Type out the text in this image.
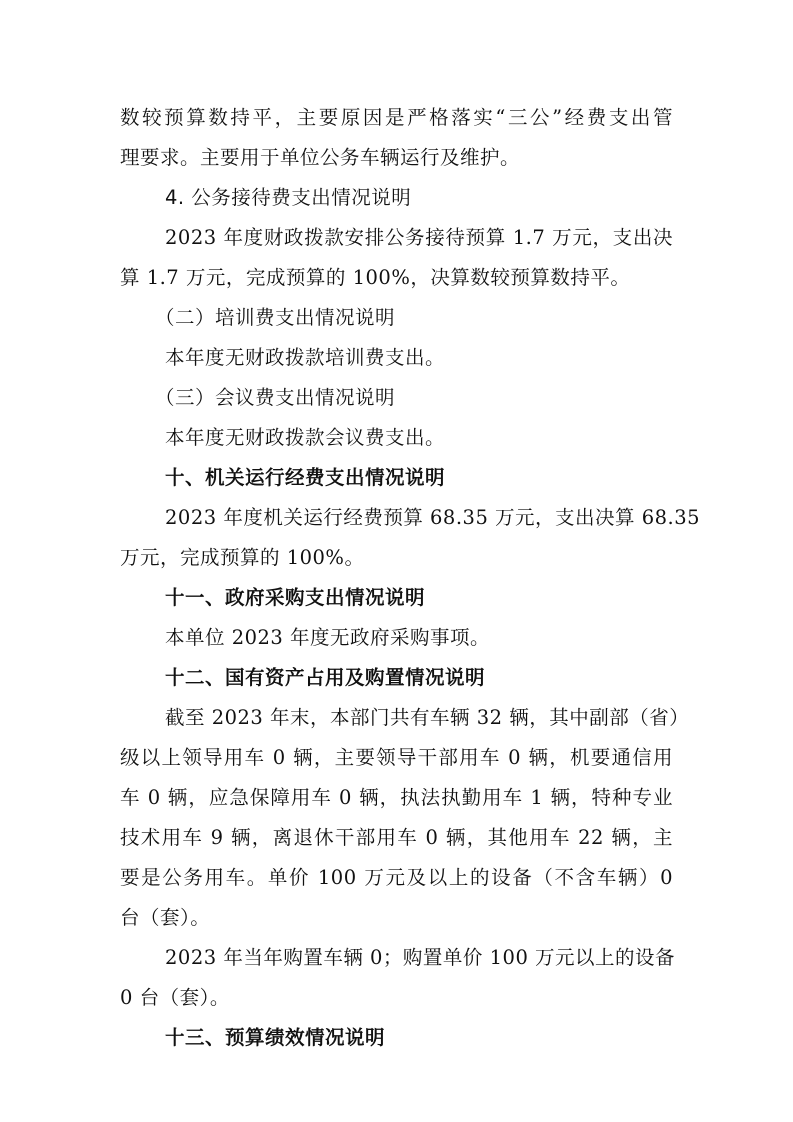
数较预算数持平，主要原因是严格落实“三公”经费支出管
理要求。主要用于单位公务车辆运行及维护。
4. 公务接待费支出情况说明
2023 年度财政拨款安排公务接待预算 1.7 万元，支出决
算 1.7 万元，完成预算的 100%，决算数较预算数持平。
（二）培训费支出情况说明
本年度无财政拨款培训费支出。
（三）会议费支出情况说明
本年度无财政拨款会议费支出。
十、机关运行经费支出情况说明
2023 年度机关运行经费预算 68.35 万元，支出决算 68.35
万元，完成预算的 100%。
十一、政府采购支出情况说明
本单位 2023 年度无政府采购事项。
十二、国有资产占用及购置情况说明
截至 2023 年末，本部门共有车辆 32 辆，其中副部（省）
级以上领导用车 0 辆，主要领导干部用车 0 辆，机要通信用
车 0 辆，应急保障用车 0 辆，执法执勤用车 1 辆，特种专业
技术用车 9 辆，离退休干部用车 0 辆，其他用车 22 辆，主
要是公务用车。单价 100 万元及以上的设备（不含车辆）0
台（套）。
2023 年当年购置车辆 0；购置单价 100 万元以上的设备
0 台（套）。
十三、预算绩效情况说明
